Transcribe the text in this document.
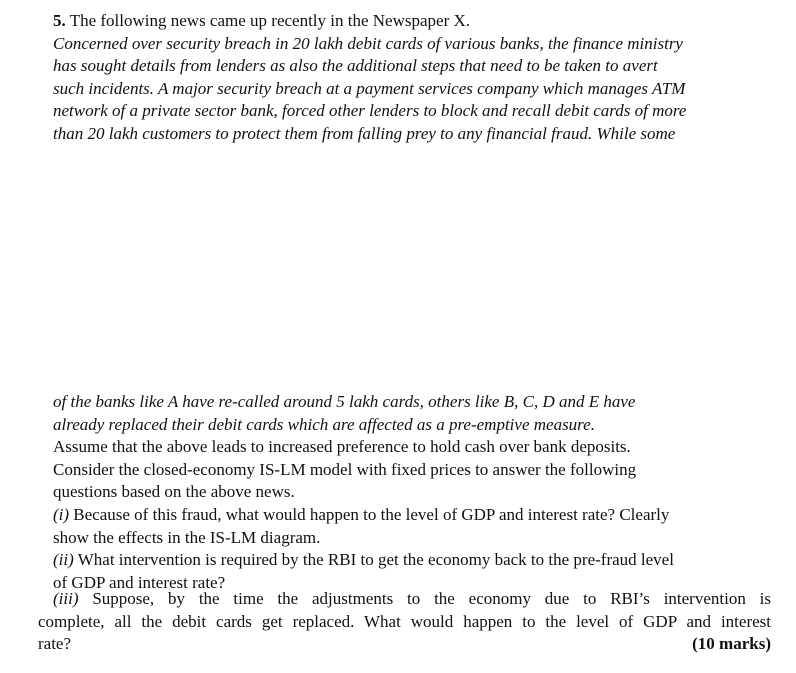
5. The following news came up recently in the Newspaper X.
Concerned over security breach in 20 lakh debit cards of various banks, the finance ministry
has sought details from lenders as also the additional steps that need to be taken to avert
such incidents. A major security breach at a payment services company which manages ATM
network of a private sector bank, forced other lenders to block and recall debit cards of more
than 20 lakh customers to protect them from falling prey to any financial fraud. While some
of the banks like A have re-called around 5 lakh cards, others like B, C, D and E have
already replaced their debit cards which are affected as a pre-emptive measure.
Assume that the above leads to increased preference to hold cash over bank deposits.
Consider the closed-economy IS-LM model with fixed prices to answer the following
questions based on the above news.
(i) Because of this fraud, what would happen to the level of GDP and interest rate? Clearly
show the effects in the IS-LM diagram.
(ii) What intervention is required by the RBI to get the economy back to the pre-fraud level
of GDP and interest rate?
(iii) Suppose, by the time the adjustments to the economy due to RBI’s intervention is
complete, all the debit cards get replaced. What would happen to the level of GDP and interest
rate?	(10 marks)
